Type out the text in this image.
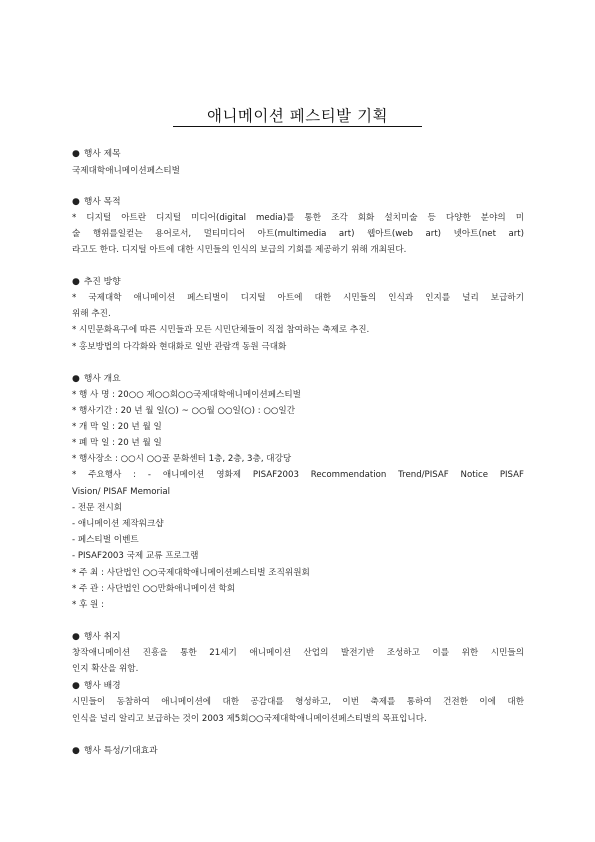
애니메이션 페스티발 기획
● 행사 제목
국제대학애니메이션페스티벌
● 행사 목적
* 디지털 아트란 디지털 미디어(digital media)를 통한 조각 회화 설치미술 등 다양한 분야의 미
술 행위를일컫는 용어로서, 멀티미디어 아트(multimedia art) 웹아트(web art) 넷아트(net art)
라고도 한다. 디지털 아트에 대한 시민들의 인식의 보급의 기회를 제공하기 위해 개최된다.
● 추진 방향
* 국제대학 애니메이션 페스티벌이 디지털 아트에 대한 시민들의 인식과 인지를 널리 보급하기
위해 추진.
* 시민문화욕구에 따른 시민들과 모든 시민단체들이 직접 참여하는 축제로 추진.
* 홍보방법의 다각화와 현대화로 일반 관람객 동원 극대화
● 행사 개요
* 행 사 명 : 20○○ 제○○회○○국제대학애니메이션페스티벌
* 행사기간 : 20 년 월 일(○) ~ ○○월 ○○일(○) : ○○일간
* 개 막 일 : 20 년 월 일
* 폐 막 일 : 20 년 월 일
* 행사장소 : ○○시 ○○골 문화센터 1층, 2층, 3층, 대강당
* 주요행사 : - 애니메이션 영화제 PISAF2003 Recommendation Trend/PISAF Notice PISAF
Vision/ PISAF Memorial
- 전문 전시회
- 애니메이션 제작워크샵
- 페스티벌 이벤트
- PISAF2003 국제 교류 프로그램
* 주 최 : 사단법인 ○○국제대학애니메이션페스티벌 조직위원회
* 주 관 : 사단법인 ○○만화애니메이션 학회
* 후 원 :
● 행사 취지
창작애니메이션 진흥을 통한 21세기 애니메이션 산업의 발전기반 조성하고 이를 위한 시민들의
인지 확산을 위함.
● 행사 배경
시민들이 동참하여 애니메이션에 대한 공감대를 형성하고, 이번 축제를 통하여 건전한 이에 대한
인식을 널리 알리고 보급하는 것이 2003 제5회○○국제대학애니메이션페스티벌의 목표입니다.
● 행사 특성/기대효과
